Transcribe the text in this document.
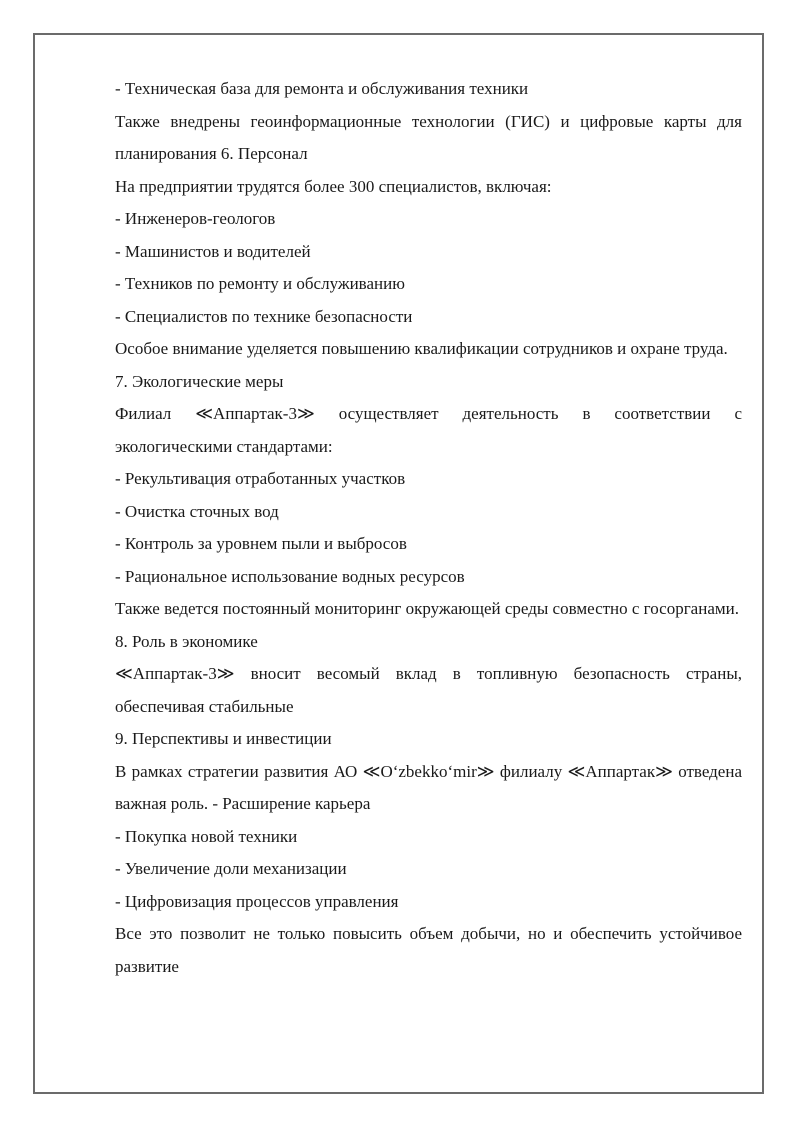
- Техническая база для ремонта и обслуживания техники

Также внедрены геоинформационные технологии (ГИС) и цифровые карты для планирования 6. Персонал

На предприятии трудятся более 300 специалистов, включая:

- Инженеров-геологов

- Машинистов и водителей

- Техников по ремонту и обслуживанию

- Специалистов по технике безопасности

Особое внимание уделяется повышению квалификации сотрудников и охране труда.

7. Экологические меры

Филиал ≪Аппартак-3≫ осуществляет деятельность в соответствии с экологическими стандартами:

- Рекультивация отработанных участков

- Очистка сточных вод

- Контроль за уровнем пыли и выбросов

- Рациональное использование водных ресурсов

Также ведется постоянный мониторинг окружающей среды совместно с госорганами.

8. Роль в экономике

≪Аппартак-3≫ вносит весомый вклад в топливную безопасность страны, обеспечивая стабильные

9. Перспективы и инвестиции

В рамках стратегии развития АО ≪O‘zbekko‘mir≫ филиалу ≪Аппартак≫ отведена важная роль. - Расширение карьера

- Покупка новой техники

- Увеличение доли механизации

- Цифровизация процессов управления

Все это позволит не только повысить объем добычи, но и обеспечить устойчивое развитие
